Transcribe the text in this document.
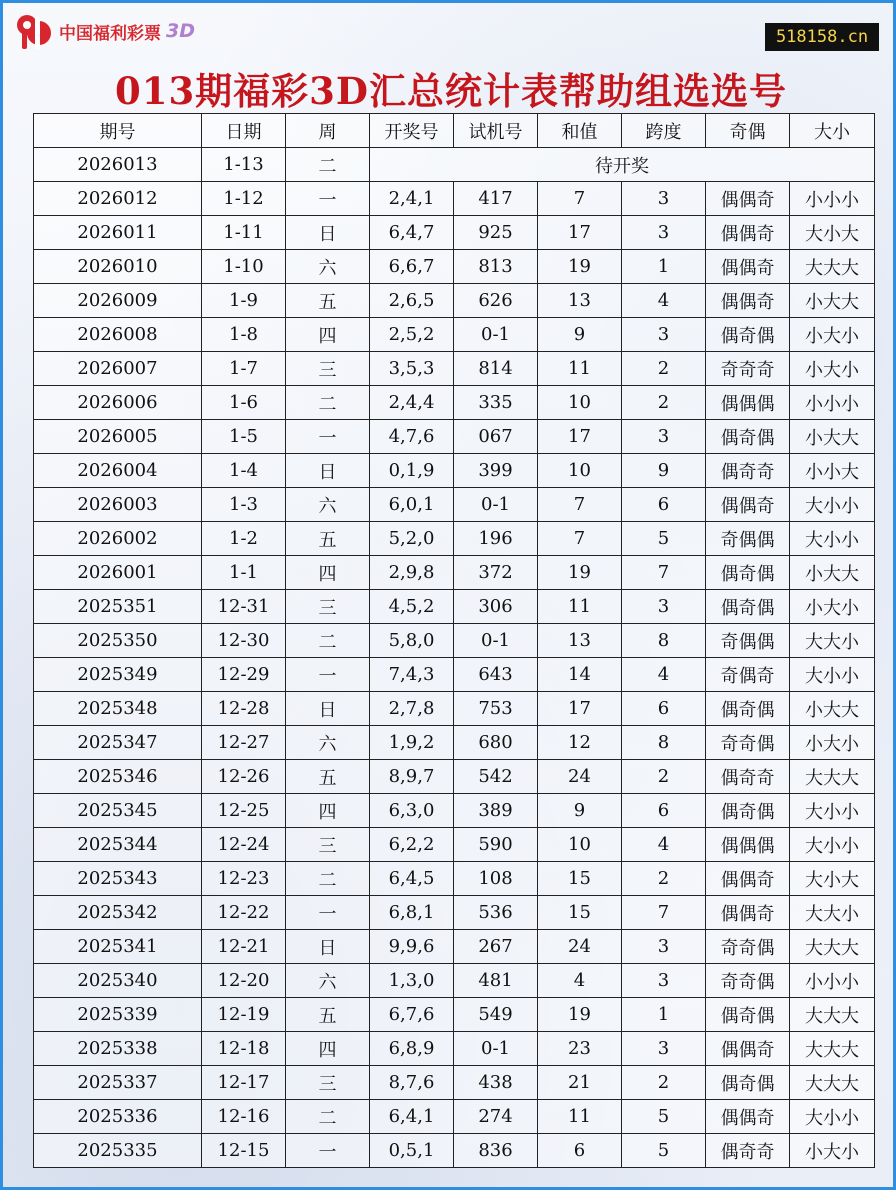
中国福利彩票 3D	518158.cn
013期福彩3D汇总统计表帮助组选选号
期号	日期	周	开奖号	试机号	和值	跨度	奇偶	大小
2026013	1-13	二	待开奖					
2026012	1-12	一	2,4,1	417	7	3	偶偶奇	小小小
2026011	1-11	日	6,4,7	925	17	3	偶偶奇	大小大
2026010	1-10	六	6,6,7	813	19	1	偶偶奇	大大大
2026009	1-9	五	2,6,5	626	13	4	偶偶奇	小大大
2026008	1-8	四	2,5,2	0-1	9	3	偶奇偶	小大小
2026007	1-7	三	3,5,3	814	11	2	奇奇奇	小大小
2026006	1-6	二	2,4,4	335	10	2	偶偶偶	小小小
2026005	1-5	一	4,7,6	067	17	3	偶奇偶	小大大
2026004	1-4	日	0,1,9	399	10	9	偶奇奇	小小大
2026003	1-3	六	6,0,1	0-1	7	6	偶偶奇	大小小
2026002	1-2	五	5,2,0	196	7	5	奇偶偶	大小小
2026001	1-1	四	2,9,8	372	19	7	偶奇偶	小大大
2025351	12-31	三	4,5,2	306	11	3	偶奇偶	小大小
2025350	12-30	二	5,8,0	0-1	13	8	奇偶偶	大大小
2025349	12-29	一	7,4,3	643	14	4	奇偶奇	大小小
2025348	12-28	日	2,7,8	753	17	6	偶奇偶	小大大
2025347	12-27	六	1,9,2	680	12	8	奇奇偶	小大小
2025346	12-26	五	8,9,7	542	24	2	偶奇奇	大大大
2025345	12-25	四	6,3,0	389	9	6	偶奇偶	大小小
2025344	12-24	三	6,2,2	590	10	4	偶偶偶	大小小
2025343	12-23	二	6,4,5	108	15	2	偶偶奇	大小大
2025342	12-22	一	6,8,1	536	15	7	偶偶奇	大大小
2025341	12-21	日	9,9,6	267	24	3	奇奇偶	大大大
2025340	12-20	六	1,3,0	481	4	3	奇奇偶	小小小
2025339	12-19	五	6,7,6	549	19	1	偶奇偶	大大大
2025338	12-18	四	6,8,9	0-1	23	3	偶偶奇	大大大
2025337	12-17	三	8,7,6	438	21	2	偶奇偶	大大大
2025336	12-16	二	6,4,1	274	11	5	偶偶奇	大小小
2025335	12-15	一	0,5,1	836	6	5	偶奇奇	小大小
